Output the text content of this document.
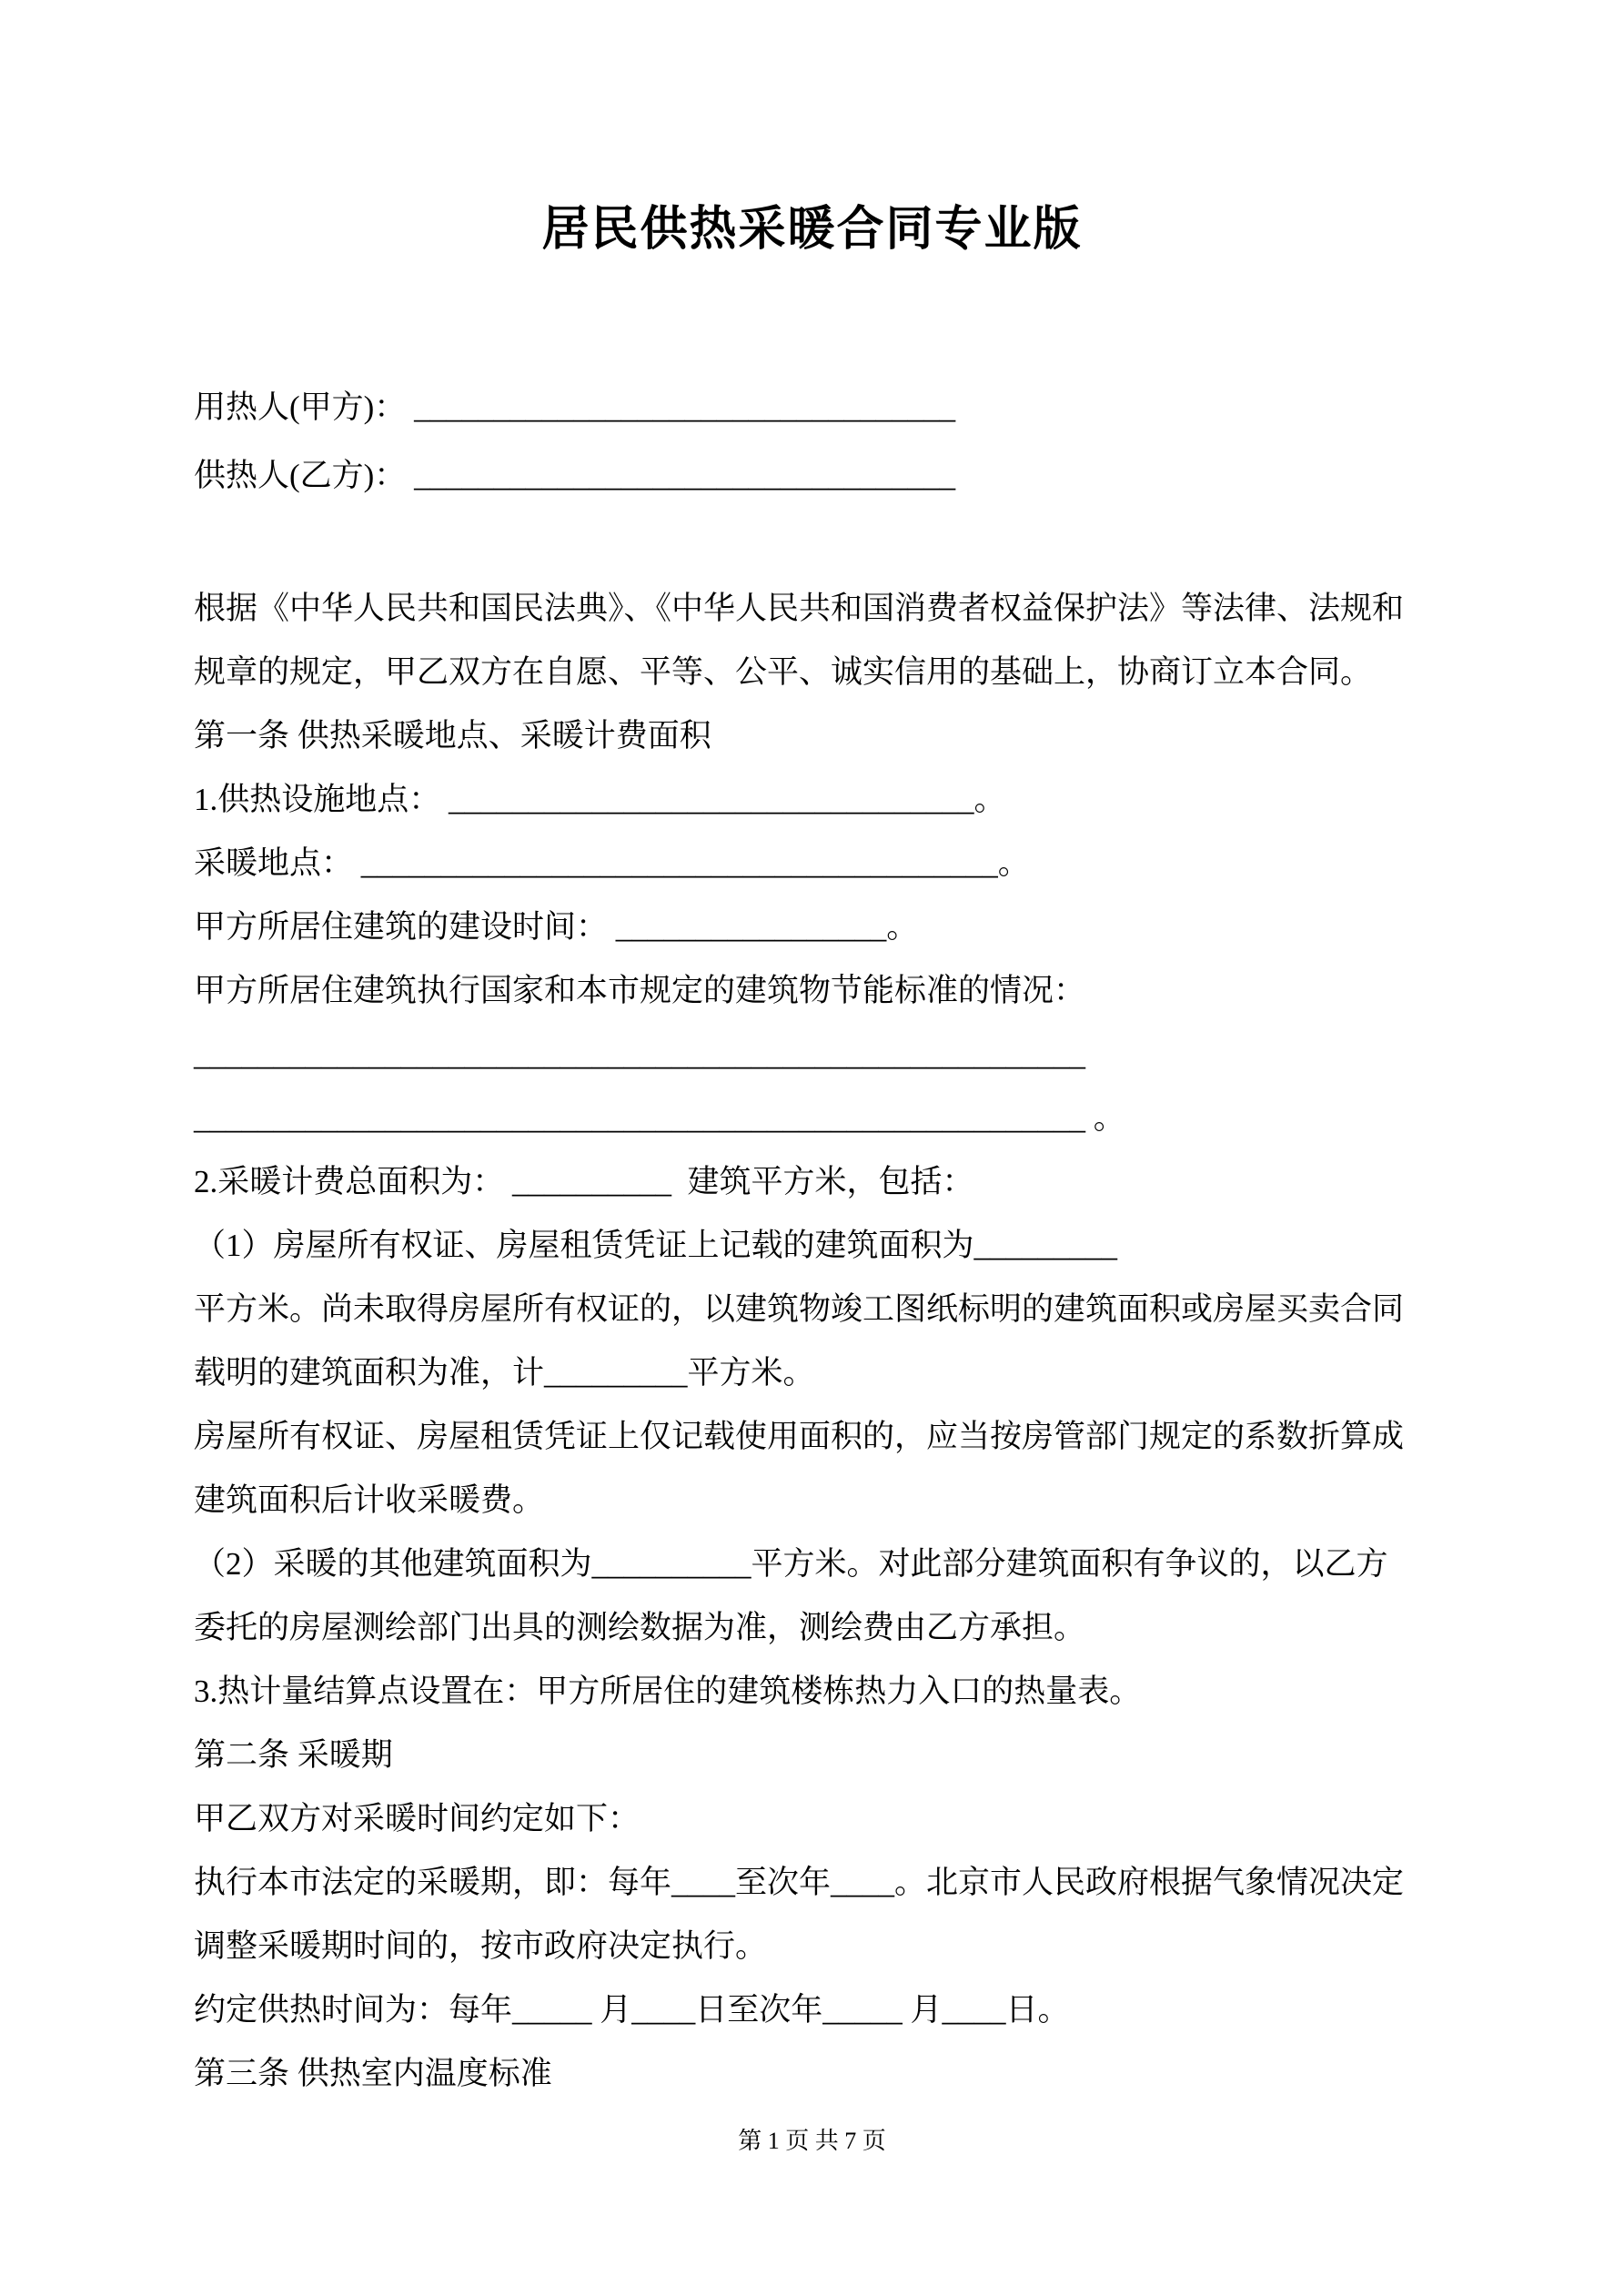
居民供热采暖合同专业版

用热人(甲方)： __________________________________

供热人(乙方)： __________________________________

根据《中华人民共和国民法典》、《中华人民共和国消费者权益保护法》等法律、法规和

规章的规定，甲乙双方在自愿、平等、公平、诚实信用的基础上，协商订立本合同。

第一条 供热采暖地点、采暖计费面积

1.供热设施地点： _________________________________。

采暖地点： ________________________________________。

甲方所居住建筑的建设时间： _________________。

甲方所居住建筑执行国家和本市规定的建筑物节能标准的情况：

________________________________________________________

________________________________________________________ 。

2.采暖计费总面积为： __________  建筑平方米，包括：

（1）房屋所有权证、房屋租赁凭证上记载的建筑面积为_________

平方米。尚未取得房屋所有权证的，以建筑物竣工图纸标明的建筑面积或房屋买卖合同

载明的建筑面积为准，计_________平方米。

房屋所有权证、房屋租赁凭证上仅记载使用面积的，应当按房管部门规定的系数折算成

建筑面积后计收采暖费。

（2）采暖的其他建筑面积为__________平方米。对此部分建筑面积有争议的，以乙方

委托的房屋测绘部门出具的测绘数据为准，测绘费由乙方承担。

3.热计量结算点设置在：甲方所居住的建筑楼栋热力入口的热量表。

第二条 采暖期

甲乙双方对采暖时间约定如下：

执行本市法定的采暖期，即：每年____至次年____。北京市人民政府根据气象情况决定

调整采暖期时间的，按市政府决定执行。

约定供热时间为：每年_____ 月____日至次年_____ 月____日。

第三条 供热室内温度标准

第 1 页 共 7 页
